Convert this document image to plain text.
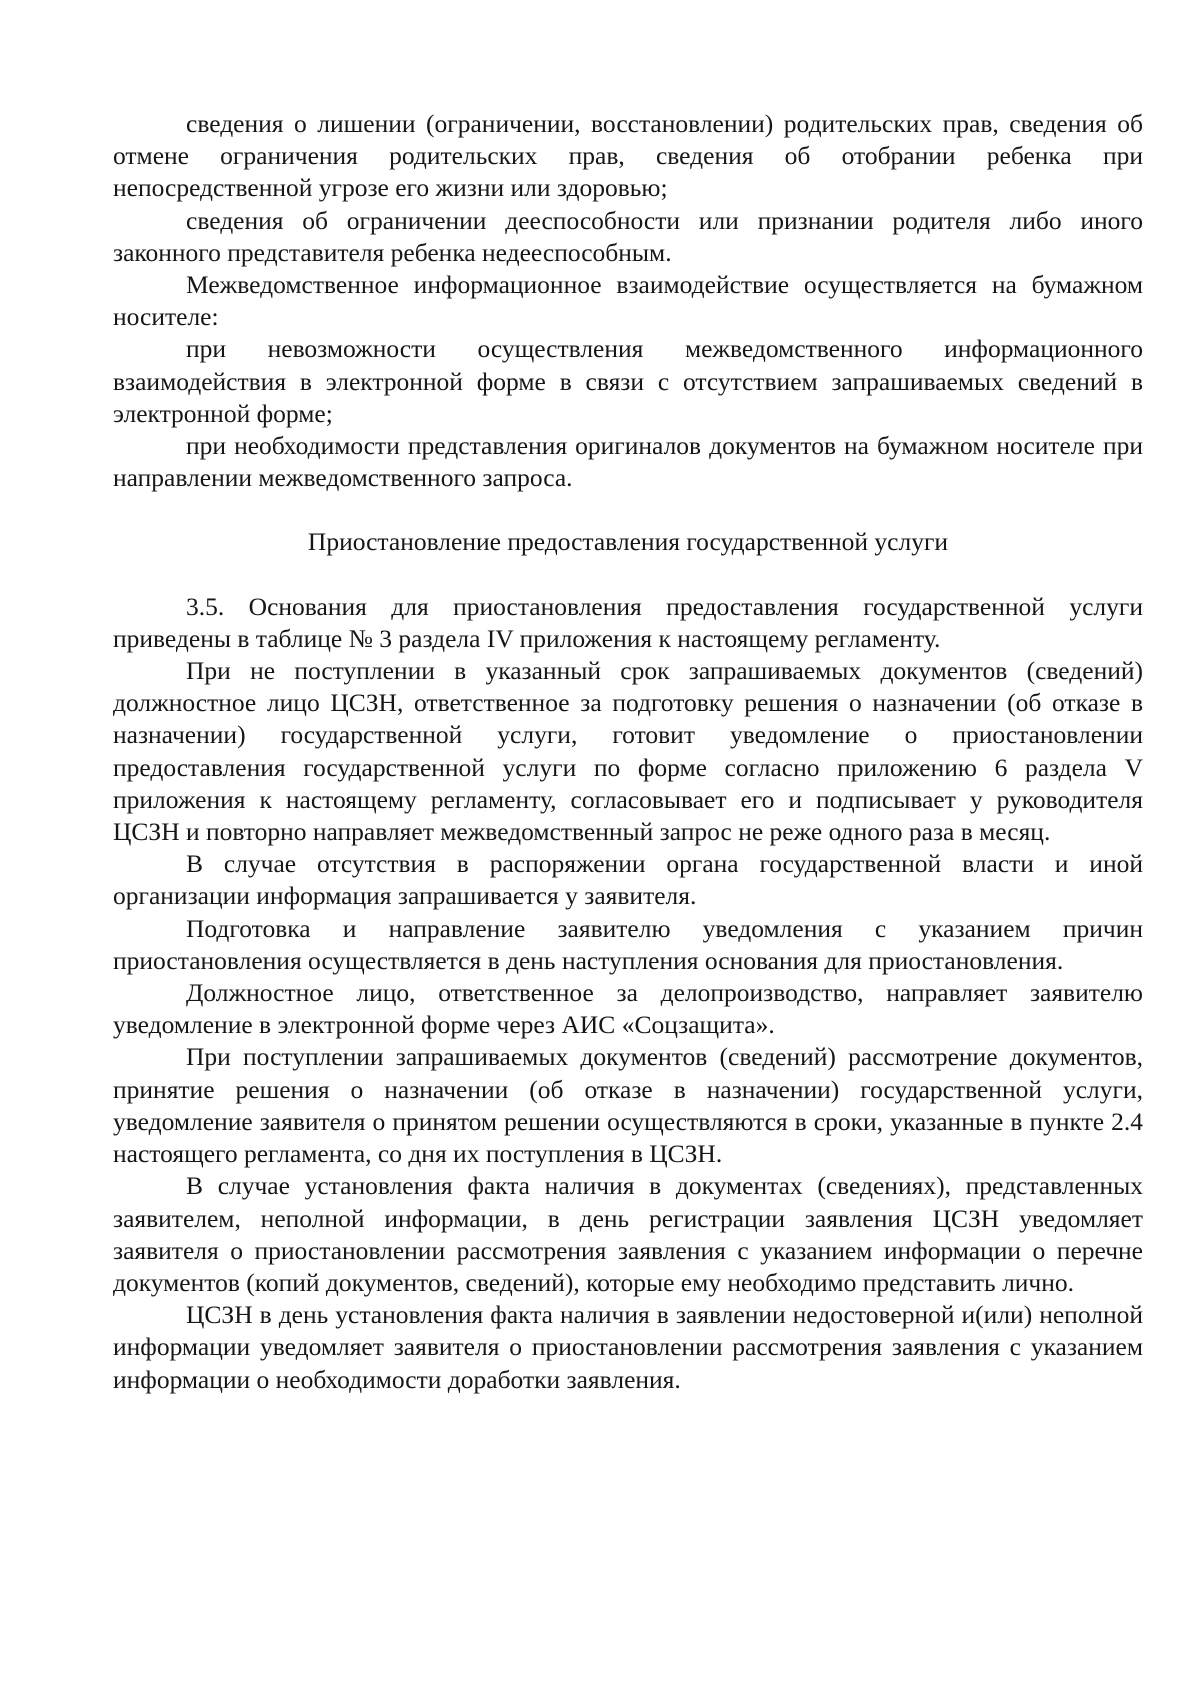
сведения о лишении (ограничении, восстановлении) родительских прав, сведения об отмене ограничения родительских прав, сведения об отобрании ребенка при непосредственной угрозе его жизни или здоровью;

сведения об ограничении дееспособности или признании родителя либо иного законного представителя ребенка недееспособным.

Межведомственное информационное взаимодействие осуществляется на бумажном носителе:

при невозможности осуществления межведомственного информационного взаимодействия в электронной форме в связи с отсутствием запрашиваемых сведений в электронной форме;

при необходимости представления оригиналов документов на бумажном носителе при направлении межведомственного запроса.

Приостановление предоставления государственной услуги

3.5. Основания для приостановления предоставления государственной услуги приведены в таблице № 3 раздела IV приложения к настоящему регламенту.

При не поступлении в указанный срок запрашиваемых документов (сведений) должностное лицо ЦСЗН, ответственное за подготовку решения о назначении (об отказе в назначении) государственной услуги, готовит уведомление о приостановлении предоставления государственной услуги по форме согласно приложению 6 раздела V приложения к настоящему регламенту, согласовывает его и подписывает у руководителя ЦСЗН и повторно направляет межведомственный запрос не реже одного раза в месяц.

В случае отсутствия в распоряжении органа государственной власти и иной организации информация запрашивается у заявителя.

Подготовка и направление заявителю уведомления с указанием причин приостановления осуществляется в день наступления основания для приостановления.

Должностное лицо, ответственное за делопроизводство, направляет заявителю уведомление в электронной форме через АИС «Соцзащита».

При поступлении запрашиваемых документов (сведений) рассмотрение документов, принятие решения о назначении (об отказе в назначении) государственной услуги, уведомление заявителя о принятом решении осуществляются в сроки, указанные в пункте 2.4 настоящего регламента, со дня их поступления в ЦСЗН.

В случае установления факта наличия в документах (сведениях), представленных заявителем, неполной информации, в день регистрации заявления ЦСЗН уведомляет заявителя о приостановлении рассмотрения заявления с указанием информации о перечне документов (копий документов, сведений), которые ему необходимо представить лично.

ЦСЗН в день установления факта наличия в заявлении недостоверной и(или) неполной информации уведомляет заявителя о приостановлении рассмотрения заявления с указанием информации о необходимости доработки заявления.
